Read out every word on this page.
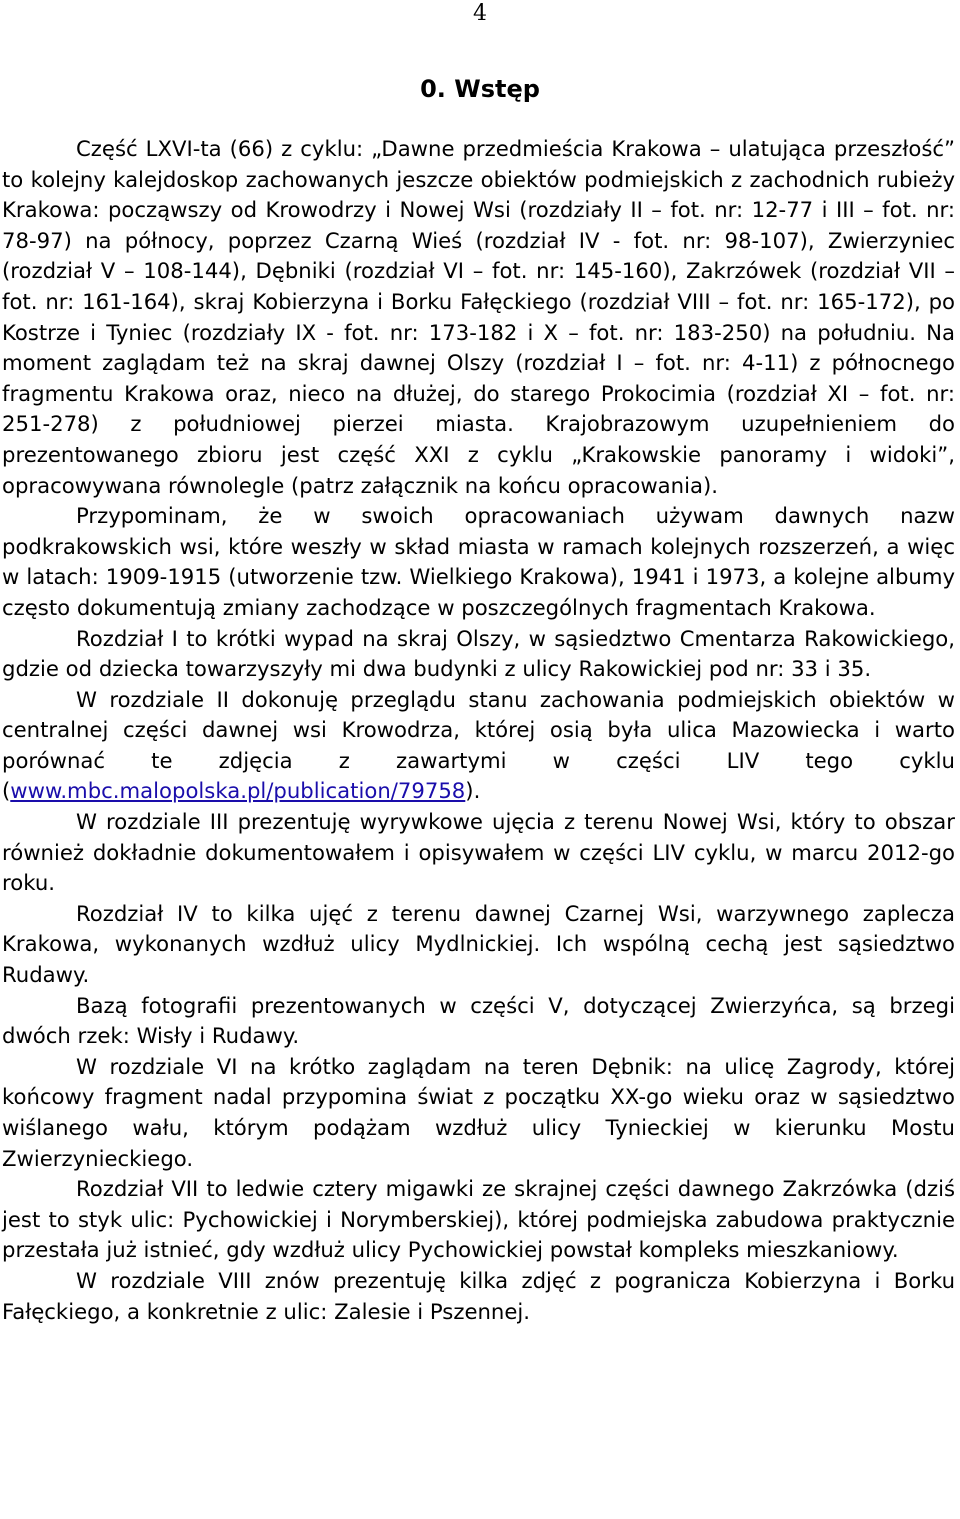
4
0. Wstęp

Część LXVI-ta (66) z cyklu: „Dawne przedmieścia Krakowa – ulatująca przeszłość” to kolejny kalejdoskop zachowanych jeszcze obiektów podmiejskich z zachodnich rubieży Krakowa: począwszy od Krowodrzy i Nowej Wsi (rozdziały II – fot. nr: 12-77 i III – fot. nr: 78-97) na północy, poprzez Czarną Wieś (rozdział IV - fot. nr: 98-107), Zwierzyniec (rozdział V – 108-144), Dębniki (rozdział VI – fot. nr: 145-160), Zakrzówek (rozdział VII – fot. nr: 161-164), skraj Kobierzyna i Borku Fałęckiego (rozdział VIII – fot. nr: 165-172), po Kostrze i Tyniec (rozdziały IX - fot. nr: 173-182 i X – fot. nr: 183-250) na południu. Na moment zaglądam też na skraj dawnej Olszy (rozdział I – fot. nr: 4-11) z północnego fragmentu Krakowa oraz, nieco na dłużej, do starego Prokocimia (rozdział XI – fot. nr: 251-278) z południowej pierzei miasta. Krajobrazowym uzupełnieniem do prezentowanego zbioru jest część XXI z cyklu „Krakowskie panoramy i widoki”, opracowywana równolegle (patrz załącznik na końcu opracowania).

Przypominam, że w swoich opracowaniach używam dawnych nazw podkrakowskich wsi, które weszły w skład miasta w ramach kolejnych rozszerzeń, a więc w latach: 1909-1915 (utworzenie tzw. Wielkiego Krakowa), 1941 i 1973, a kolejne albumy często dokumentują zmiany zachodzące w poszczególnych fragmentach Krakowa.

Rozdział I to krótki wypad na skraj Olszy, w sąsiedztwo Cmentarza Rakowickiego, gdzie od dziecka towarzyszyły mi dwa budynki z ulicy Rakowickiej pod nr: 33 i 35.

W rozdziale II dokonuję przeglądu stanu zachowania podmiejskich obiektów w centralnej części dawnej wsi Krowodrza, której osią była ulica Mazowiecka i warto porównać te zdjęcia z zawartymi w części LIV tego cyklu (www.mbc.malopolska.pl/publication/79758).

W rozdziale III prezentuję wyrywkowe ujęcia z terenu Nowej Wsi, który to obszar również dokładnie dokumentowałem i opisywałem w części LIV cyklu, w marcu 2012-go roku.

Rozdział IV to kilka ujęć z terenu dawnej Czarnej Wsi, warzywnego zaplecza Krakowa, wykonanych wzdłuż ulicy Mydlnickiej. Ich wspólną cechą jest sąsiedztwo Rudawy.

Bazą fotografii prezentowanych w części V, dotyczącej Zwierzyńca, są brzegi dwóch rzek: Wisły i Rudawy.

W rozdziale VI na krótko zaglądam na teren Dębnik: na ulicę Zagrody, której końcowy fragment nadal przypomina świat z początku XX-go wieku oraz w sąsiedztwo wiślanego wału, którym podążam wzdłuż ulicy Tynieckiej w kierunku Mostu Zwierzynieckiego.

Rozdział VII to ledwie cztery migawki ze skrajnej części dawnego Zakrzówka (dziś jest to styk ulic: Pychowickiej i Norymberskiej), której podmiejska zabudowa praktycznie przestała już istnieć, gdy wzdłuż ulicy Pychowickiej powstał kompleks mieszkaniowy.

W rozdziale VIII znów prezentuję kilka zdjęć z pogranicza Kobierzyna i Borku Fałęckiego, a konkretnie z ulic: Zalesie i Pszennej.
